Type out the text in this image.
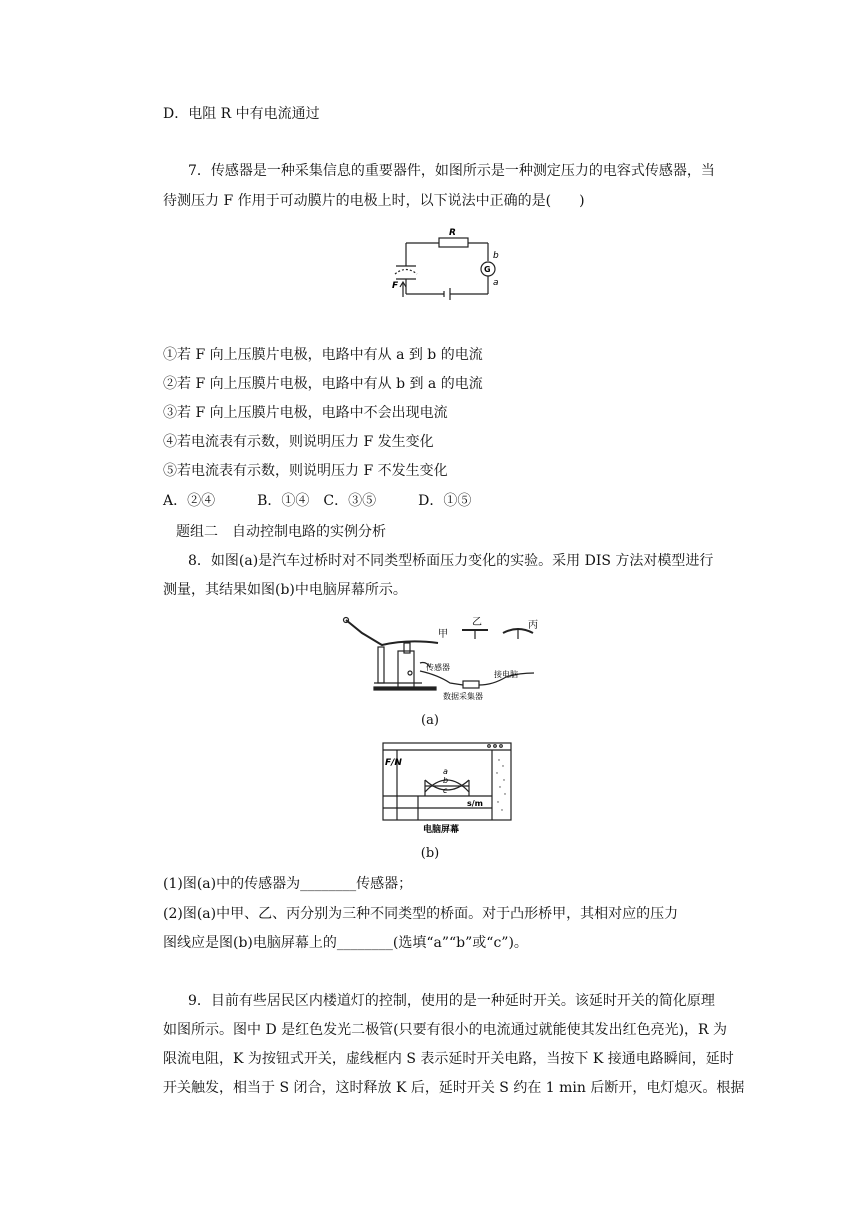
D．电阻 R 中有电流通过
7．传感器是一种采集信息的重要器件，如图所示是一种测定压力的电容式传感器，当
待测压力 F 作用于可动膜片的电极上时，以下说法中正确的是(　　)
R
b
G
a
F
①若 F 向上压膜片电极，电路中有从 a 到 b 的电流
②若 F 向上压膜片电极，电路中有从 b 到 a 的电流
③若 F 向上压膜片电极，电路中不会出现电流
④若电流表有示数，则说明压力 F 发生变化
⑤若电流表有示数，则说明压力 F 不发生变化
A．②④　　　B．①④　C．③⑤　　　D．①⑤
题组二　自动控制电路的实例分析
8．如图(a)是汽车过桥时对不同类型桥面压力变化的实验。采用 DIS 方法对模型进行
测量，其结果如图(b)中电脑屏幕所示。
甲
乙	丙
传感器
接电脑
数据采集器
(a)
F/N
a
b
c
s/m
电脑屏幕
(b)
(1)图(a)中的传感器为________传感器；
(2)图(a)中甲、乙、丙分别为三种不同类型的桥面。对于凸形桥甲，其相对应的压力
图线应是图(b)电脑屏幕上的________(选填“a”“b”或“c”)。
9．目前有些居民区内楼道灯的控制，使用的是一种延时开关。该延时开关的简化原理
如图所示。图中 D 是红色发光二极管(只要有很小的电流通过就能使其发出红色亮光)，R 为
限流电阻，K 为按钮式开关，虚线框内 S 表示延时开关电路，当按下 K 接通电路瞬间，延时
开关触发，相当于 S 闭合，这时释放 K 后，延时开关 S 约在 1 min 后断开，电灯熄灭。根据
